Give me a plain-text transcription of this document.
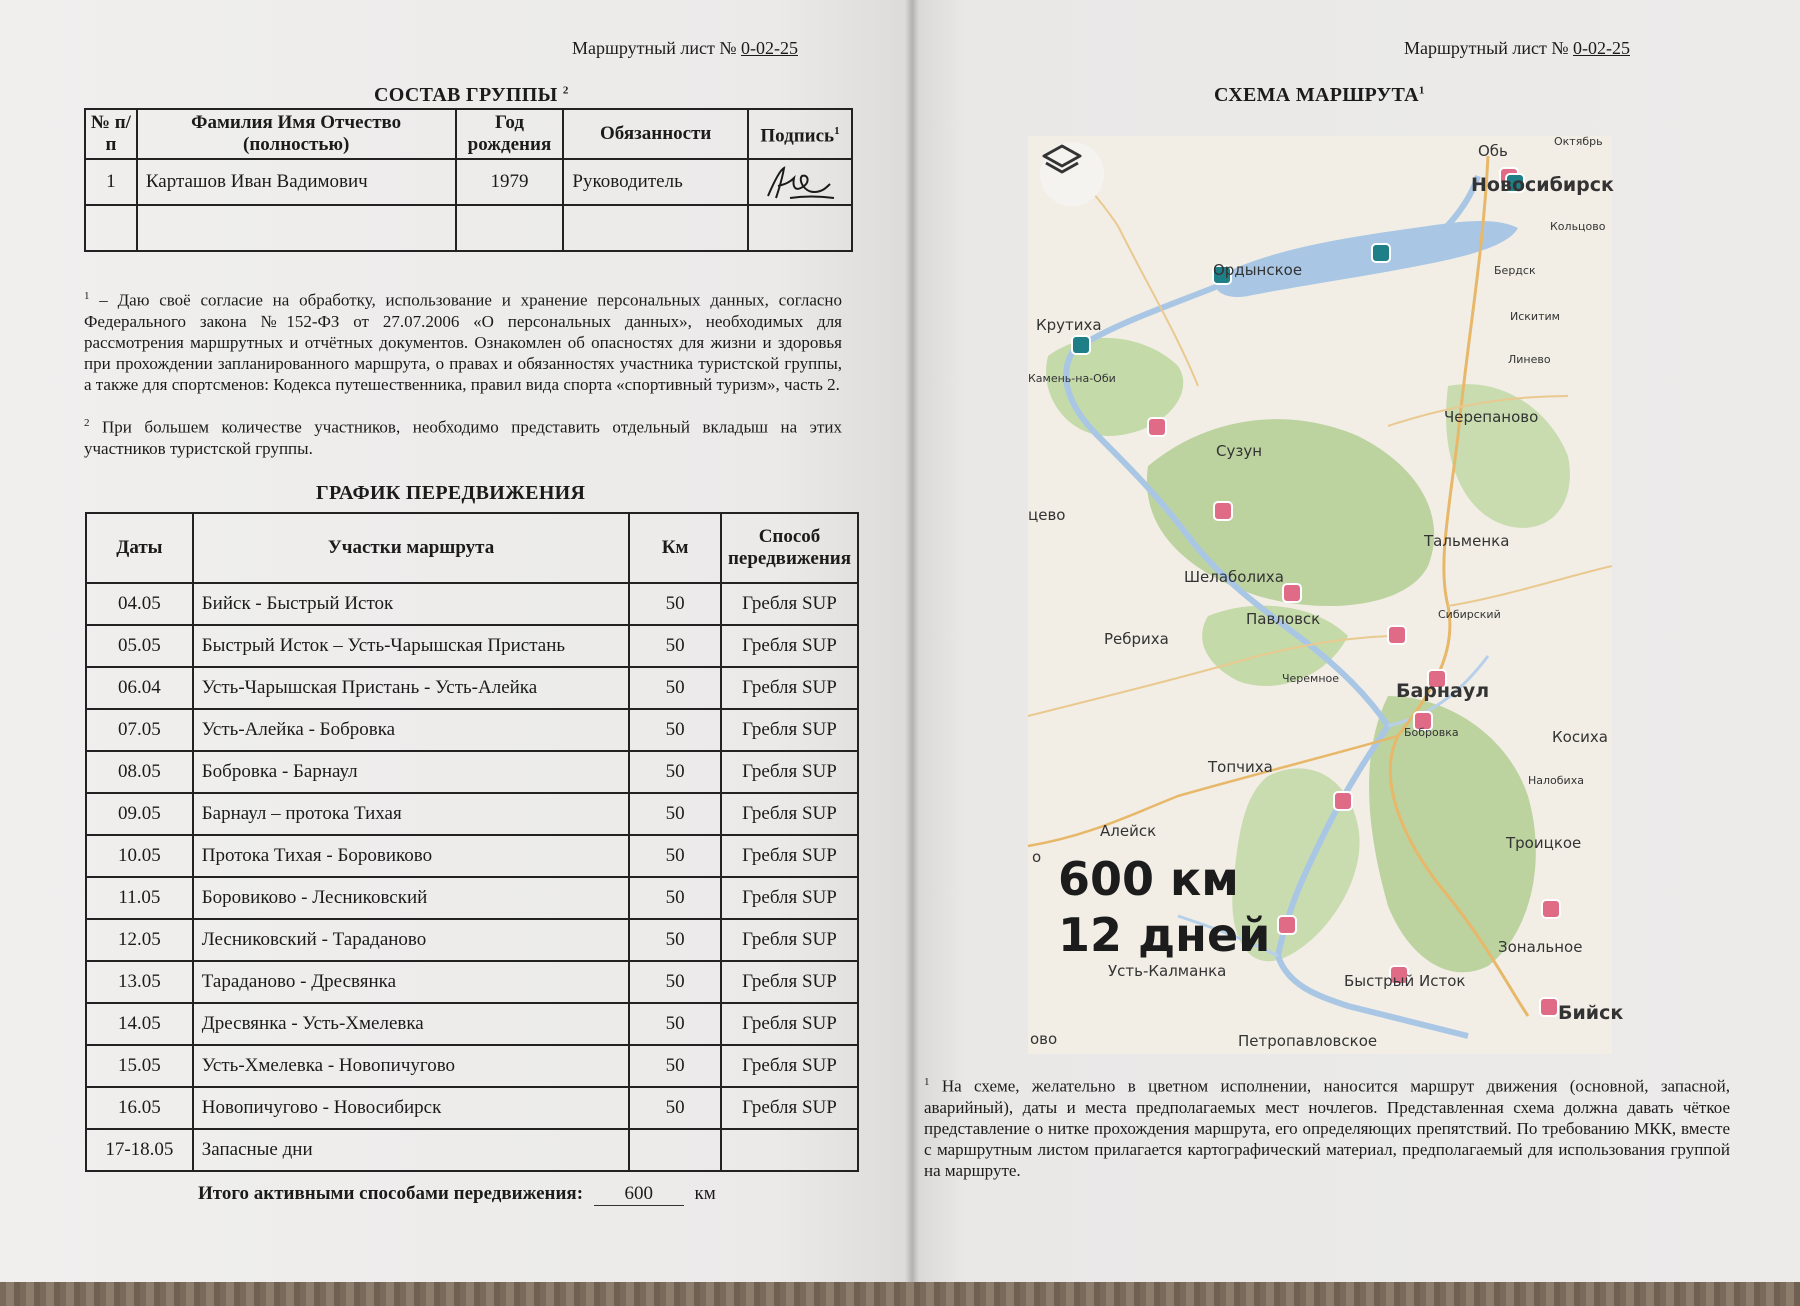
Маршрутный лист № 0-02-25
СОСТАВ ГРУППЫ $^2$
№ п/п	Фамилия Имя Отчество (полностью)	Год рождения	Обязанности	Подпись$^1$
1	Карташов Иван Вадимович	1979	Руководитель	

$^1$ – Даю своё согласие на обработку, использование и хранение персональных данных, согласно Федерального закона №152-ФЗ от 27.07.2006 «О персональных данных», необходимых для рассмотрения маршрутных и отчётных документов. Ознакомлен об опасностях для жизни и здоровья при прохождении запланированного маршрута, о правах и обязанностях участника туристской группы, а также для спортсменов: Кодекса путешественника, правил вида спорта «спортивный туризм», часть 2.

$^2$ При большем количестве участников, необходимо представить отдельный вкладыш на этих участников туристской группы.

ГРАФИК ПЕРЕДВИЖЕНИЯ
Даты	Участки маршрута	Км	Способ передвижения
04.05	Бийск - Быстрый Исток	50	Гребля SUP
05.05	Быстрый Исток – Усть-Чарышская Пристань	50	Гребля SUP
06.04	Усть-Чарышская Пристань - Усть-Алейка	50	Гребля SUP
07.05	Усть-Алейка - Бобровка	50	Гребля SUP
08.05	Бобровка - Барнаул	50	Гребля SUP
09.05	Барнаул – протока Тихая	50	Гребля SUP
10.05	Протока Тихая - Боровиково	50	Гребля SUP
11.05	Боровиково - Лесниковский	50	Гребля SUP
12.05	Лесниковский - Тараданово	50	Гребля SUP
13.05	Тараданово - Дресвянка	50	Гребля SUP
14.05	Дресвянка - Усть-Хмелевка	50	Гребля SUP
15.05	Усть-Хмелевка - Новопичугово	50	Гребля SUP
16.05	Новопичугово - Новосибирск	50	Гребля SUP
17-18.05	Запасные дни		
Итого активными способами передвижения: 600 км
Маршрутный лист № 0-02-25
СХЕМА МАРШРУТА$^1$

$^1$ На схеме, желательно в цветном исполнении, наносится маршрут движения (основной, запасной, аварийный), даты и места предполагаемых мест ночлегов. Представленная схема должна давать чёткое представление о нитке прохождения маршрута, его определяющих препятствий. По требованию МКК, вместе с маршрутным листом прилагается картографический материал, предполагаемый для использования группой на маршруте.

Обь
Октябрь
Новосибирск
Кольцово
Ордынское	Бердск
Крутиха	Искитим
Камень-на-Оби
Линево
Черепаново
Сузун
цево
Тальменка
Шелаболиха
Сибирский
Павловск
Ребриха
Черемное
Барнаул
Бобровка	Косиха
Топчиха
Налобиха
Алейск
Троицкое
о
Зональное
Усть-Калманка
Быстрый Исток
Бийск
ово	Петропавловское
600 км
12 дней
